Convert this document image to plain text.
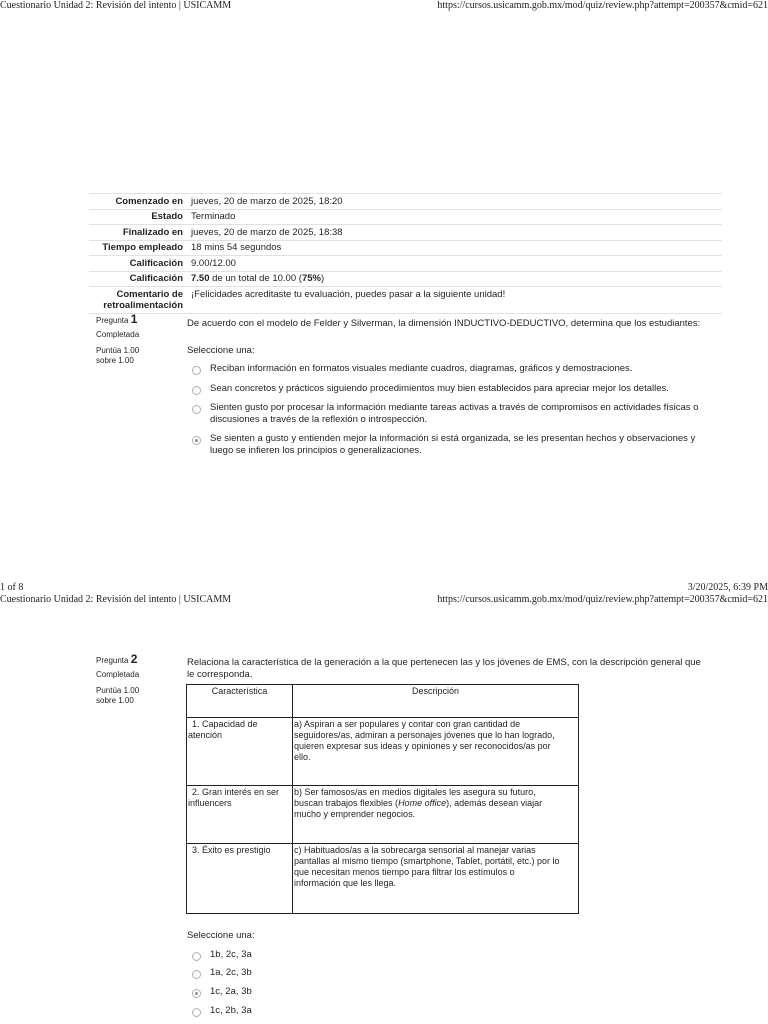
Cuestionario Unidad 2: Revisión del intento | USICAMM	https://cursos.usicamm.gob.mx/mod/quiz/review.php?attempt=200357&cmid=621
Comenzado en	jueves, 20 de marzo de 2025, 18:20
Estado	Terminado
Finalizado en	jueves, 20 de marzo de 2025, 18:38
Tiempo empleado	18 mins 54 segundos
Calificación	9.00/12.00
Calificación	7.50 de un total de 10.00 (75%)
Comentario de retroalimentación	¡Felicidades acreditaste tu evaluación, puedes pasar a la siguiente unidad!
Pregunta 1
Completada
Puntúa 1.00
sobre 1.00
De acuerdo con el modelo de Felder y Silverman, la dimensión INDUCTIVO-DEDUCTIVO, determina que los estudiantes:
Seleccione una:
Reciban información en formatos visuales mediante cuadros, diagramas, gráficos y demostraciones.
Sean concretos y prácticos siguiendo procedimientos muy bien establecidos para apreciar mejor los detalles.
Sienten gusto por procesar la información mediante tareas activas a través de compromisos en actividades físicas o
discusiones a través de la reflexión o introspección.
Se sienten a gusto y entienden mejor la información si está organizada, se les presentan hechos y observaciones y
luego se infieren los principios o generalizaciones.
1 of 8	3/20/2025, 6:39 PM
Cuestionario Unidad 2: Revisión del intento | USICAMM	https://cursos.usicamm.gob.mx/mod/quiz/review.php?attempt=200357&cmid=621
Pregunta 2
Completada
Puntúa 1.00
sobre 1.00
Relaciona la característica de la generación a la que pertenecen las y los jóvenes de EMS, con la descripción general que
le corresponda.
Característica	Descripción

1. Capacidad de
atención	a) Aspiran a ser populares y contar con gran cantidad de
seguidores/as, admiran a personajes jóvenes que lo han logrado,
quieren expresar sus ideas y opiniones y ser reconocidos/as por
ello.

2. Gran interés en ser
influencers	b) Ser famosos/as en medios digitales les asegura su futuro,
buscan trabajos flexibles (Home office), además desean viajar
mucho y emprender negocios.

3. Éxito es prestigio	c) Habituados/as a la sobrecarga sensorial al manejar varias
pantallas al mismo tiempo (smartphone, Tablet, portátil, etc.) por lo
que necesitan menos tiempo para filtrar los estímulos o
información que les llega.
Seleccione una:
1b, 2c, 3a
1a, 2c, 3b
1c, 2a, 3b
1c, 2b, 3a
